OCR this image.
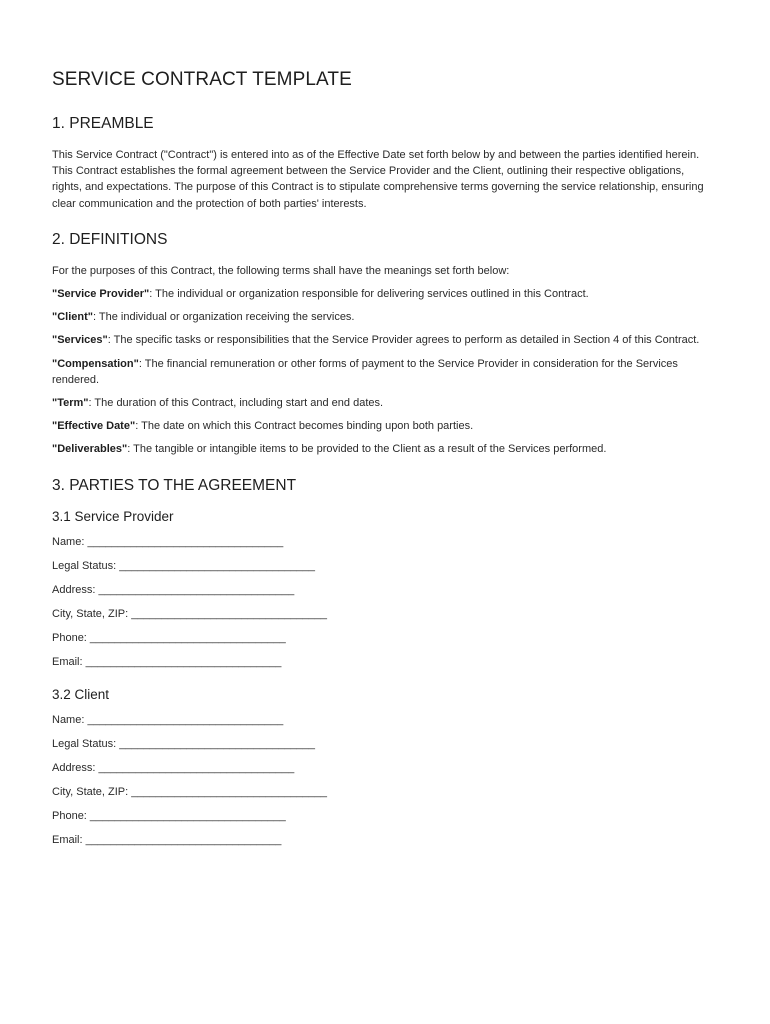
SERVICE CONTRACT TEMPLATE
1. PREAMBLE

This Service Contract ("Contract") is entered into as of the Effective Date set forth below by and between the parties identified herein. This Contract establishes the formal agreement between the Service Provider and the Client, outlining their respective obligations, rights, and expectations. The purpose of this Contract is to stipulate comprehensive terms governing the service relationship, ensuring clear communication and the protection of both parties' interests.

2. DEFINITIONS

For the purposes of this Contract, the following terms shall have the meanings set forth below:

"Service Provider": The individual or organization responsible for delivering services outlined in this Contract.

"Client": The individual or organization receiving the services.

"Services": The specific tasks or responsibilities that the Service Provider agrees to perform as detailed in Section 4 of this Contract.

"Compensation": The financial remuneration or other forms of payment to the Service Provider in consideration for the Services rendered.

"Term": The duration of this Contract, including start and end dates.

"Effective Date": The date on which this Contract becomes binding upon both parties.

"Deliverables": The tangible or intangible items to be provided to the Client as a result of the Services performed.

3. PARTIES TO THE AGREEMENT
3.1 Service Provider
Name: ________________________________
Legal Status: ________________________________
Address: ________________________________
City, State, ZIP: ________________________________
Phone: ________________________________
Email: ________________________________
3.2 Client
Name: ________________________________
Legal Status: ________________________________
Address: ________________________________
City, State, ZIP: ________________________________
Phone: ________________________________
Email: ________________________________
